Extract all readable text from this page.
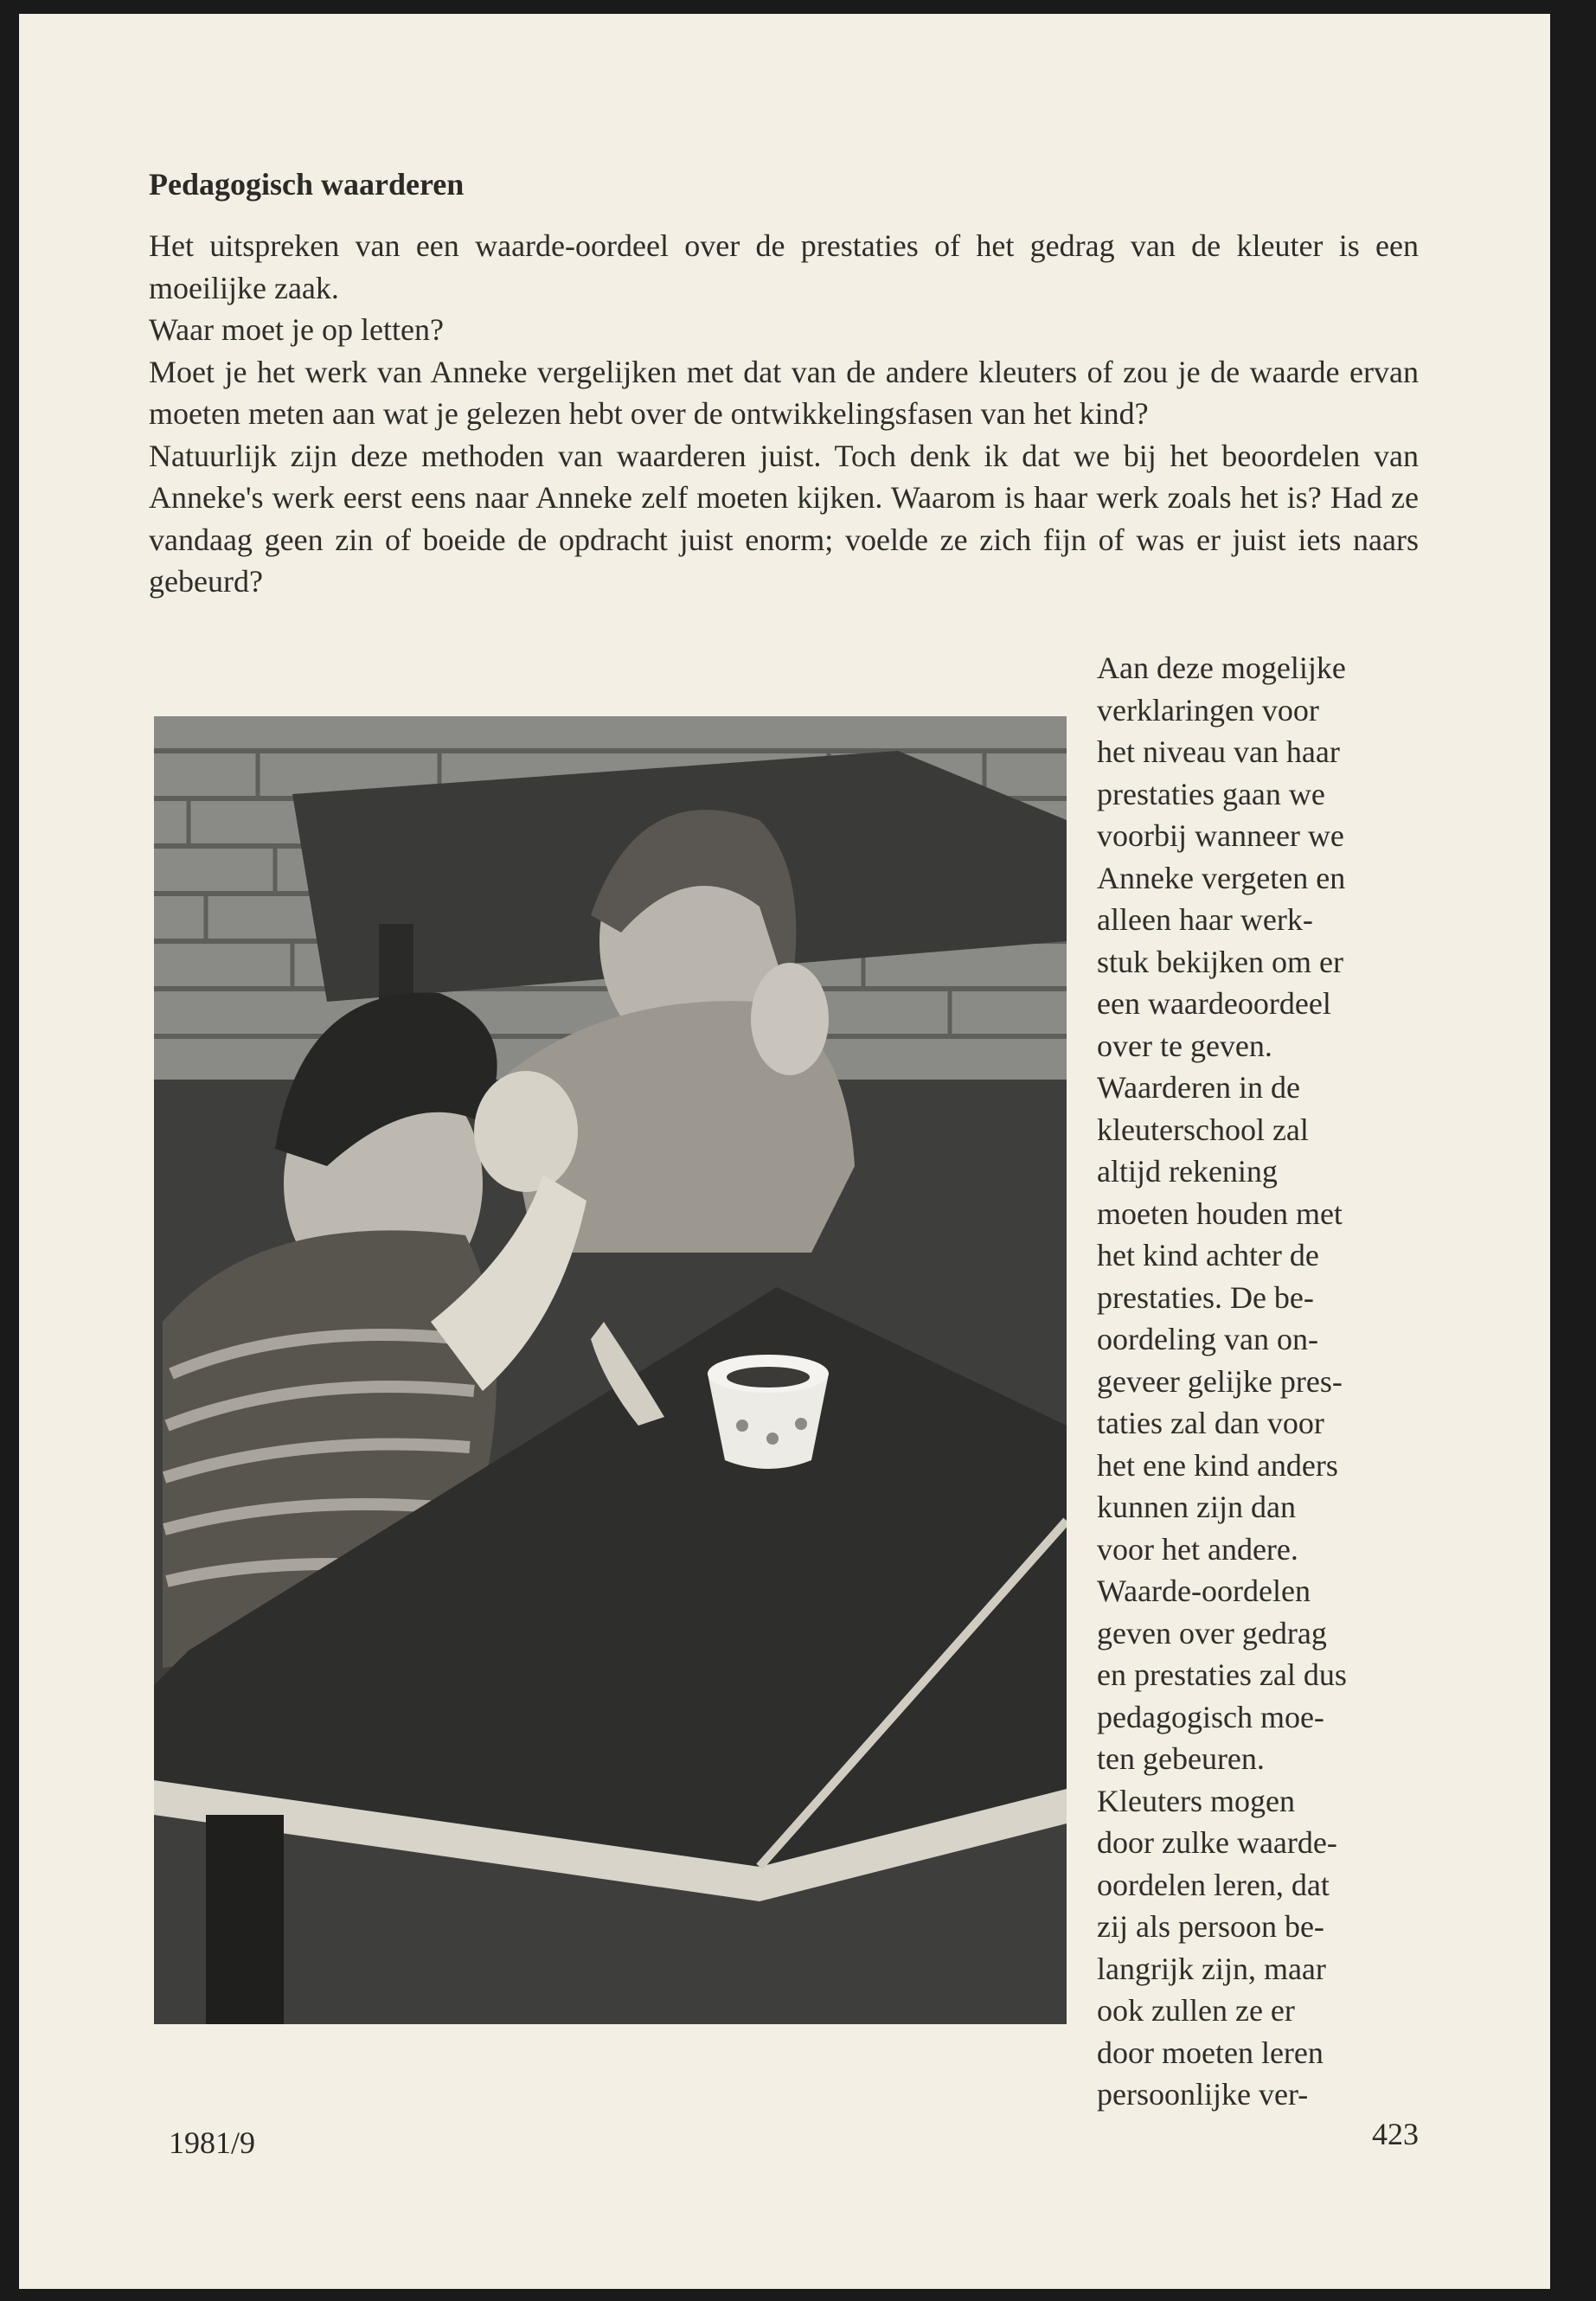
Pedagogisch waarderen

Het uitspreken van een waarde-oordeel over de prestaties of het gedrag van de kleuter is een moeilijke zaak.

Waar moet je op letten?

Moet je het werk van Anneke vergelijken met dat van de andere kleuters of zou je de waarde ervan moeten meten aan wat je gelezen hebt over de ontwikkelingsfasen van het kind?

Natuurlijk zijn deze methoden van waarderen juist. Toch denk ik dat we bij het beoordelen van Anneke's werk eerst eens naar Anneke zelf moeten kijken. Waarom is haar werk zoals het is? Had ze vandaag geen zin of boeide de opdracht juist enorm; voelde ze zich fijn of was er juist iets naars gebeurd?

Aan deze mogelijke
verklaringen voor
het niveau van haar
prestaties gaan we
voorbij wanneer we
Anneke vergeten en
alleen haar werk-
stuk bekijken om er
een waardeoordeel
over te geven.
Waarderen in de
kleuterschool zal
altijd rekening
moeten houden met
het kind achter de
prestaties. De be-
oordeling van on-
geveer gelijke pres-
taties zal dan voor
het ene kind anders
kunnen zijn dan
voor het andere.
Waarde-oordelen
geven over gedrag
en prestaties zal dus
pedagogisch moe-
ten gebeuren.
Kleuters mogen
door zulke waarde-
oordelen leren, dat
zij als persoon be-
langrijk zijn, maar
ook zullen ze er
door moeten leren
persoonlijke ver-
1981/9	423
